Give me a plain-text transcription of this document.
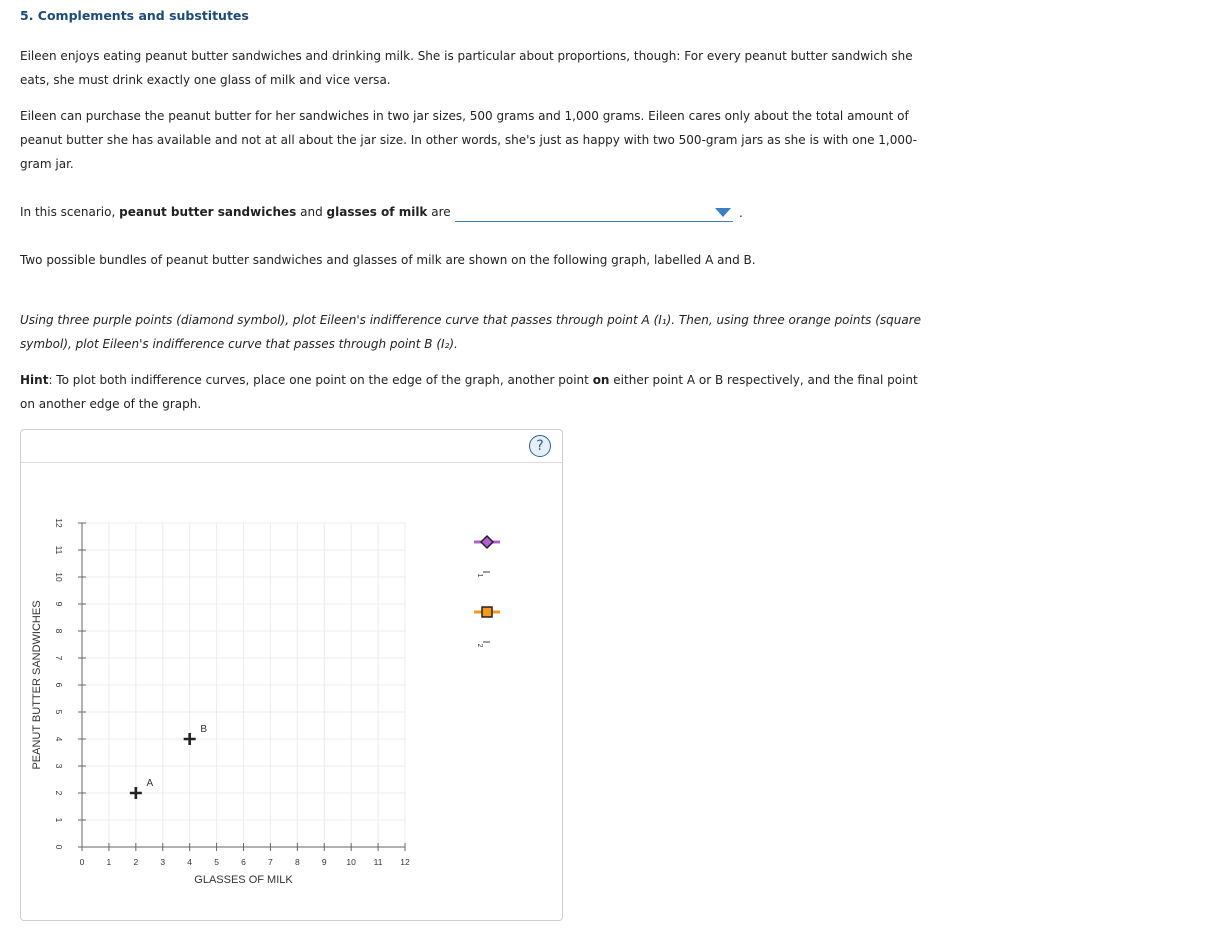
5. Complements and substitutes
Eileen enjoys eating peanut butter sandwiches and drinking milk. She is particular about proportions, though: For every peanut butter sandwich she
eats, she must drink exactly one glass of milk and vice versa.
Eileen can purchase the peanut butter for her sandwiches in two jar sizes, 500 grams and 1,000 grams. Eileen cares only about the total amount of
peanut butter she has available and not at all about the jar size. In other words, she's just as happy with two 500-gram jars as she is with one 1,000-
gram jar.
In this scenario, peanut butter sandwiches and glasses of milk are	.
Two possible bundles of peanut butter sandwiches and glasses of milk are shown on the following graph, labelled A and B.
Using three purple points (diamond symbol), plot Eileen's indifference curve that passes through point A (I₁). Then, using three orange points (square
symbol), plot Eileen's indifference curve that passes through point B (I₂).
Hint: To plot both indifference curves, place one point on the edge of the graph, another point on either point A or B respectively, and the final point
on another edge of the graph.
?
0	1	2	3	4	5	6	7	8	9 10 11 12
0
1
2
3
4
5
6
7
8
9
10
11
12
GLASSES OF MILK
PEANUT BUTTER SANDWICHES
A
B
$I_1$
$I_2$
